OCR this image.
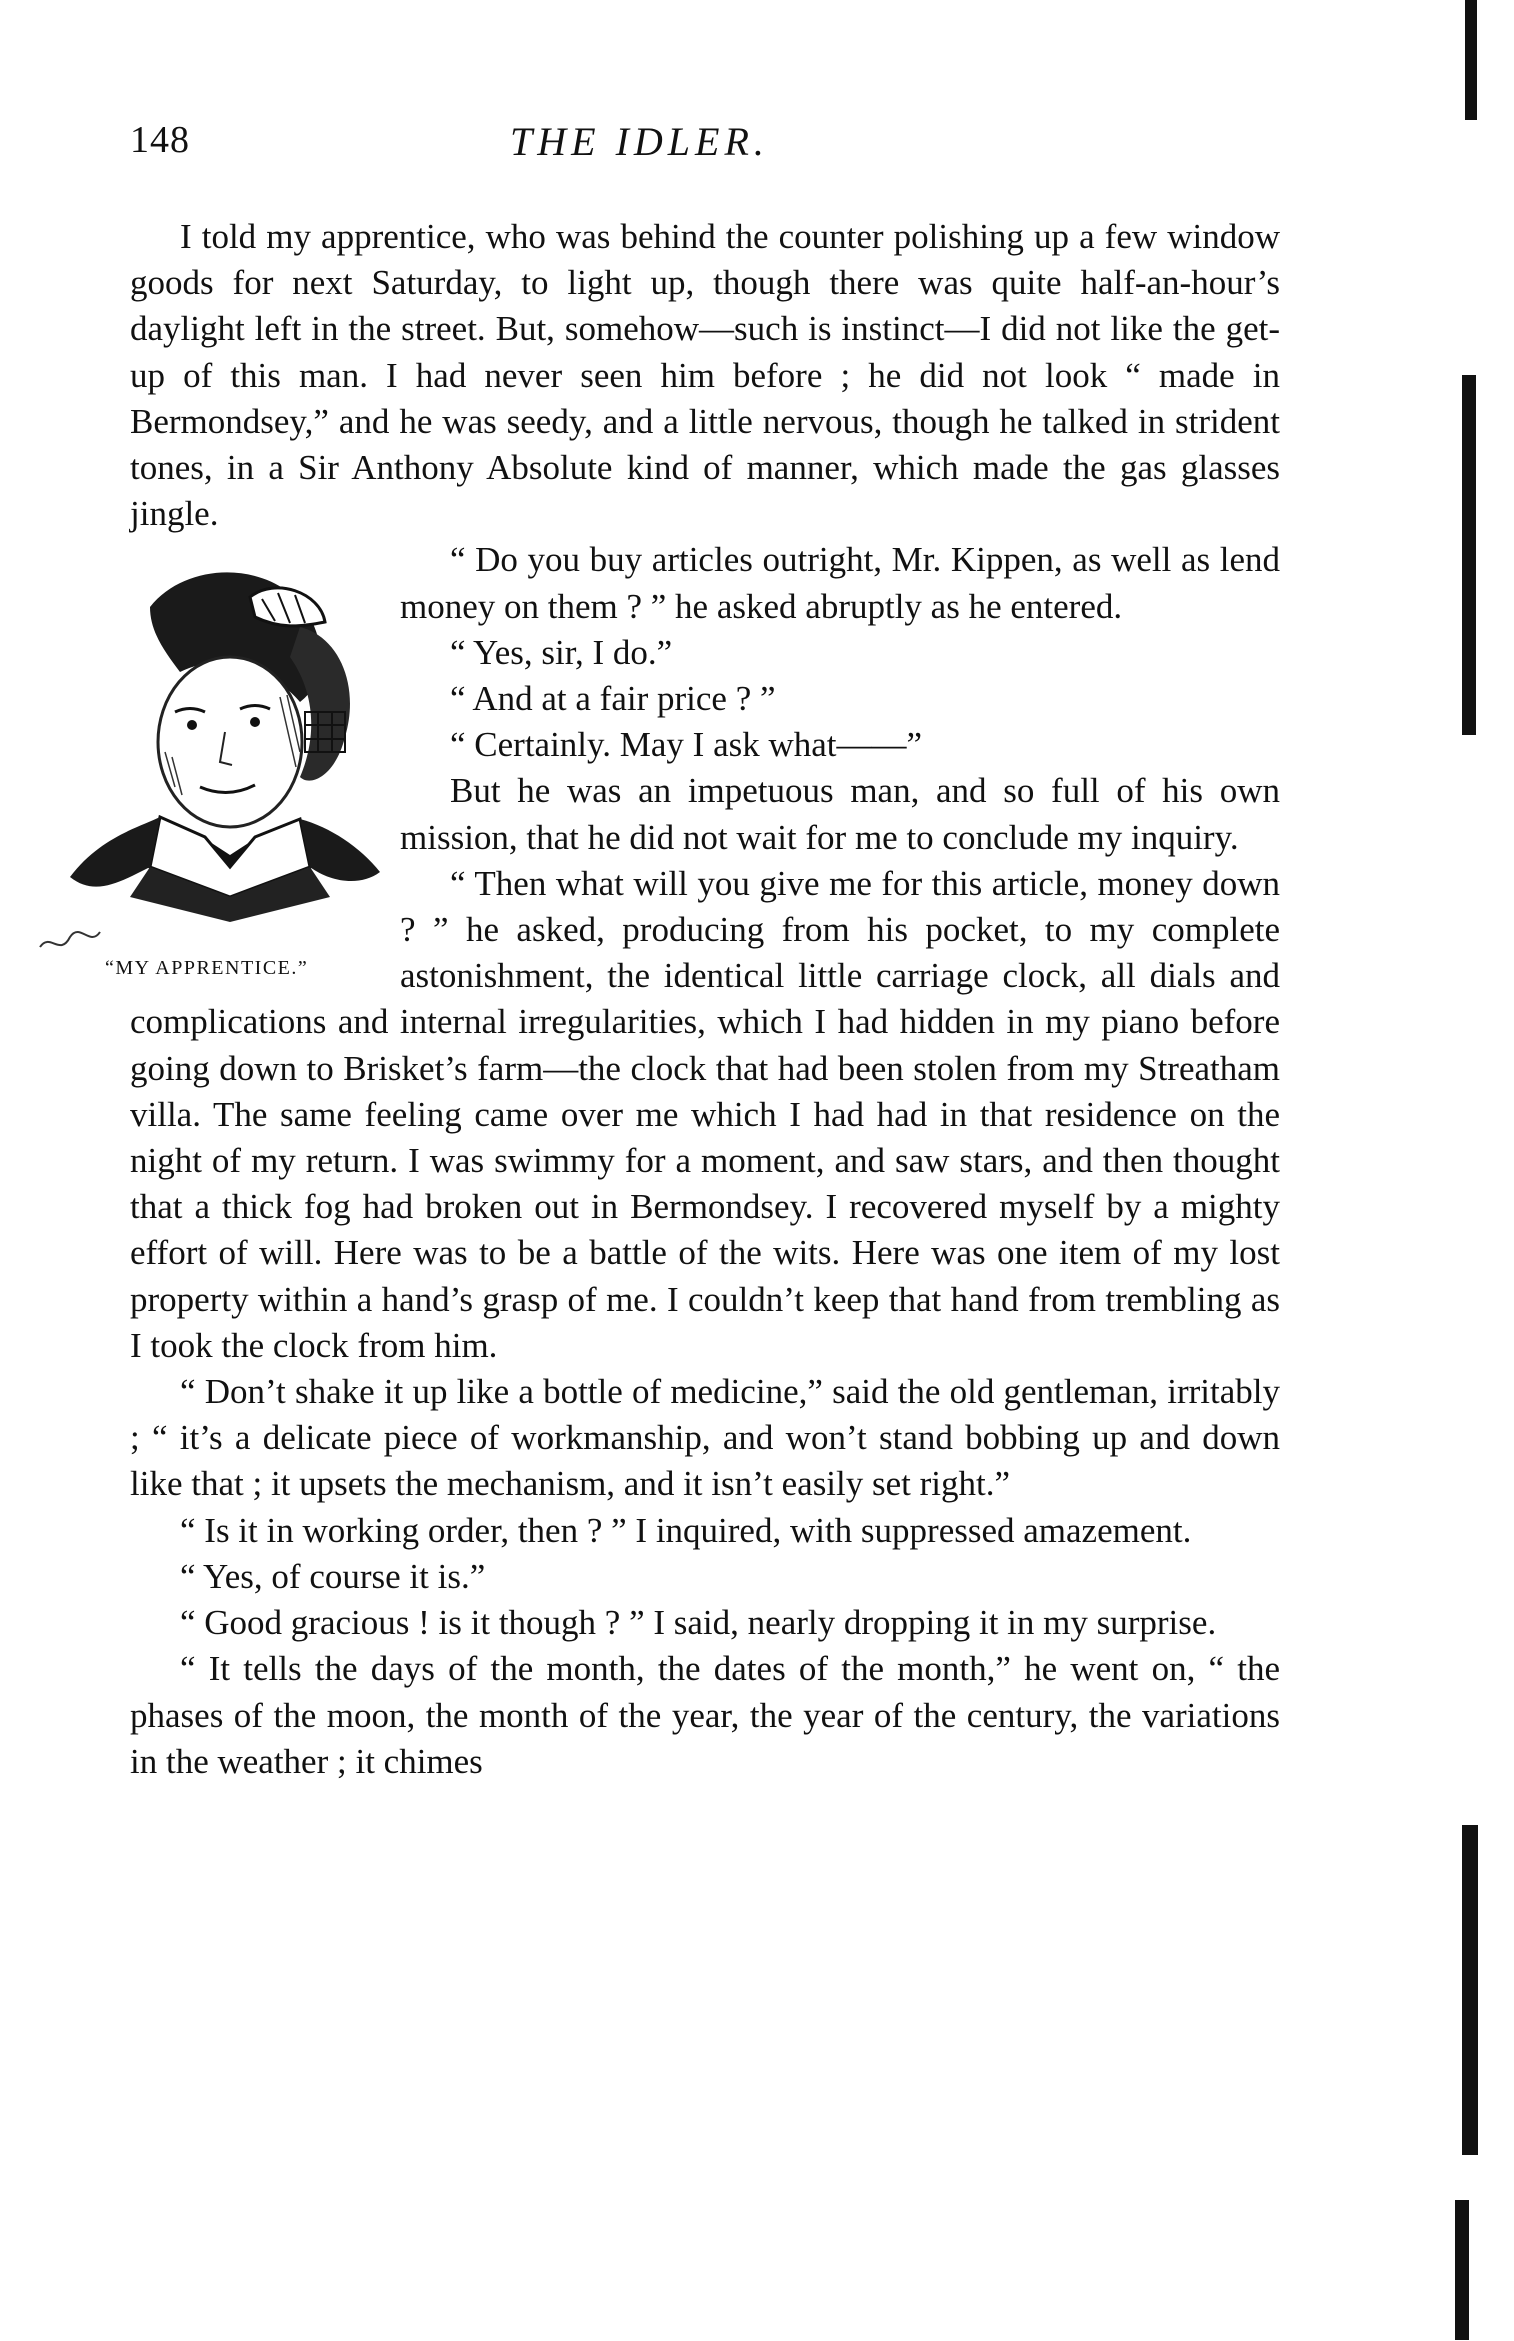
148	THE IDLER.

I told my apprentice, who was behind the counter polishing up a few window goods for next Saturday, to light up, though there was quite half-an-hour’s daylight left in the street. But, somehow—such is instinct—I did not like the get-up of this man. I had never seen him before ; he did not look “ made in Bermondsey,” and he was seedy, and a little nervous, though he talked in strident tones, in a Sir Anthony Absolute kind of manner, which made the gas glasses jingle.

“MY APPRENTICE.”

“ Do you buy articles outright, Mr. Kippen, as well as lend money on them ? ” he asked abruptly as he entered.

“ Yes, sir, I do.”

“ And at a fair price ? ”

“ Certainly. May I ask what——”

But he was an impetuous man, and so full of his own mission, that he did not wait for me to conclude my inquiry.

“ Then what will you give me for this article, money down ? ” he asked, producing from his pocket, to my complete astonishment, the identical little carriage clock, all dials and complications and internal irregularities, which I had hidden in my piano before going down to Brisket’s farm—the clock that had been stolen from my Streatham villa. The same feeling came over me which I had had in that residence on the night of my return. I was swimmy for a moment, and saw stars, and then thought that a thick fog had broken out in Bermondsey. I recovered myself by a mighty effort of will. Here was to be a battle of the wits. Here was one item of my lost property within a hand’s grasp of me. I couldn’t keep that hand from trembling as I took the clock from him.

“ Don’t shake it up like a bottle of medicine,” said the old gentleman, irritably ; “ it’s a delicate piece of workmanship, and won’t stand bobbing up and down like that ; it upsets the mechanism, and it isn’t easily set right.”

“ Is it in working order, then ? ” I inquired, with suppressed amazement.

“ Yes, of course it is.”

“ Good gracious ! is it though ? ” I said, nearly dropping it in my surprise.

“ It tells the days of the month, the dates of the month,” he went on, “ the phases of the moon, the month of the year, the year of the century, the variations in the weather ; it chimes
